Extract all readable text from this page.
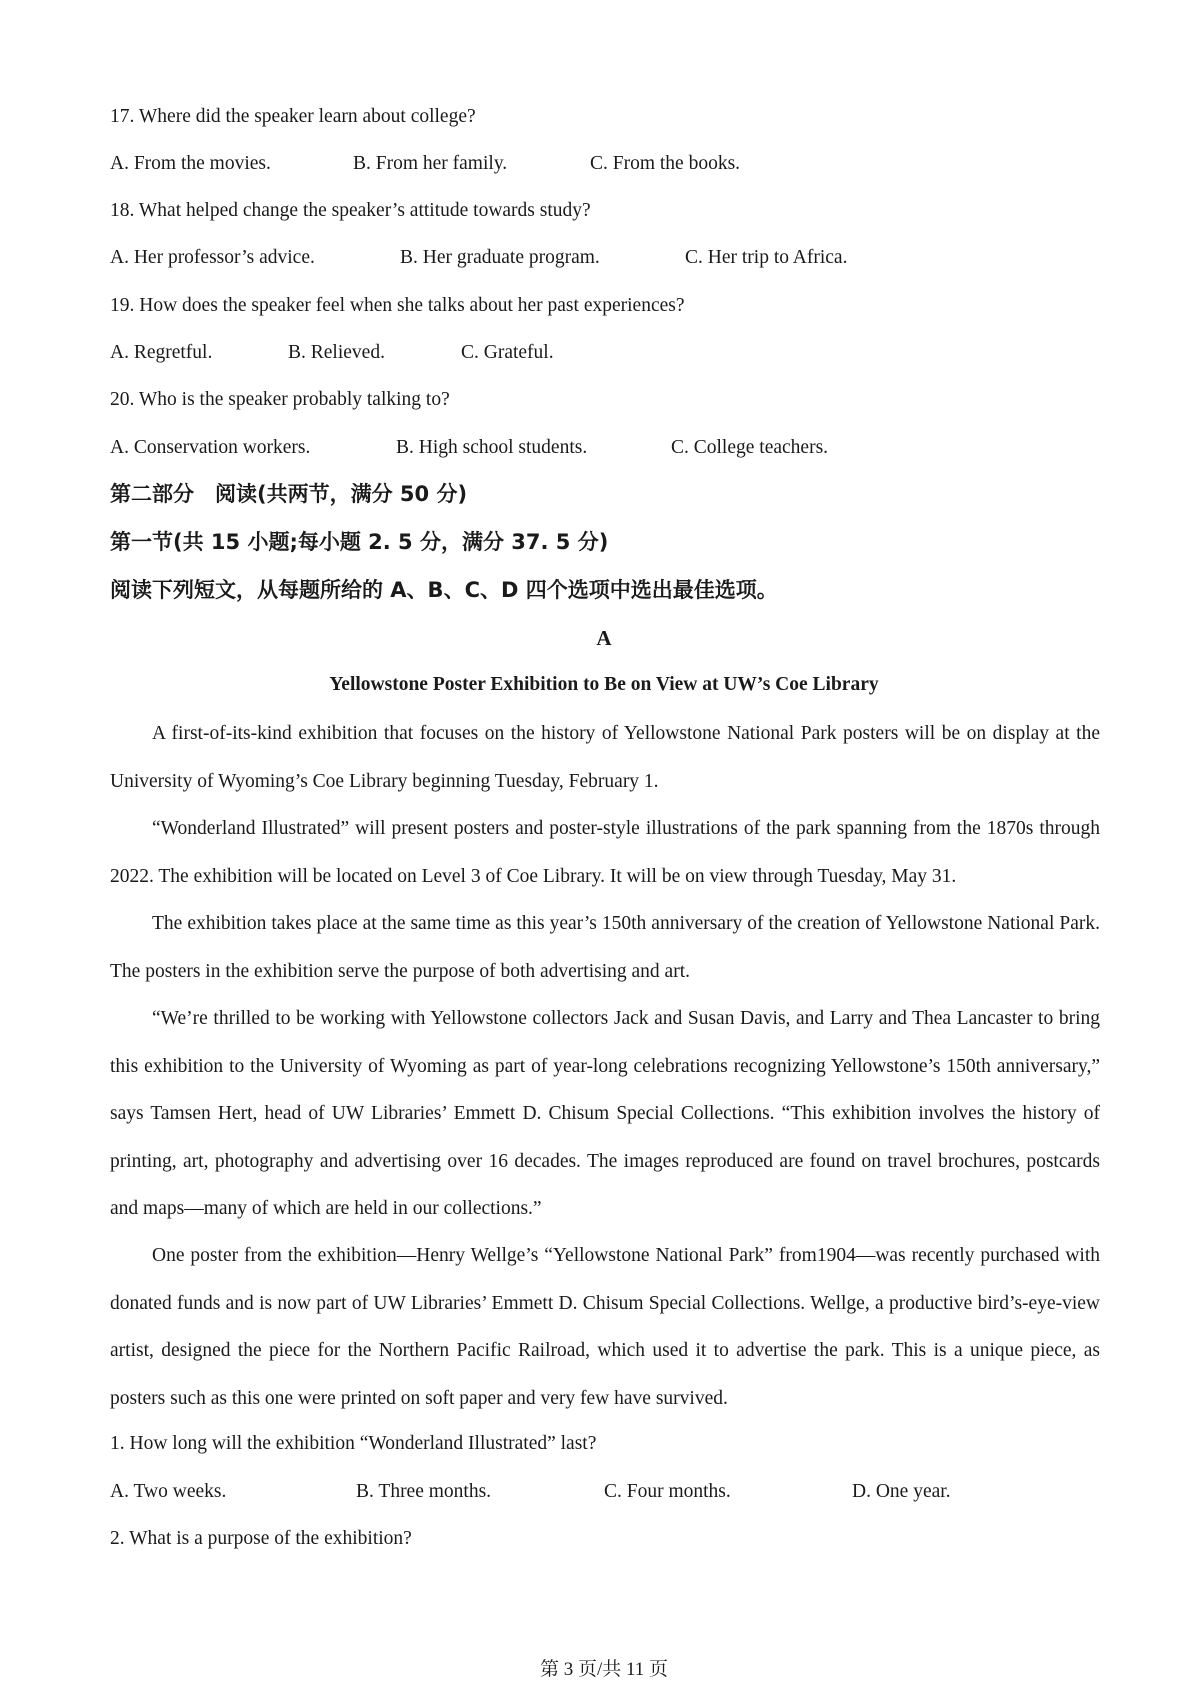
17. Where did the speaker learn about college?
A. From the movies.	B. From her family.	C. From the books.
18. What helped change the speaker’s attitude towards study?
A. Her professor’s advice.	B. Her graduate program.	C. Her trip to Africa.
19. How does the speaker feel when she talks about her past experiences?
A. Regretful.	B. Relieved.	C. Grateful.
20. Who is the speaker probably talking to?
A. Conservation workers.	B. High school students.	C. College teachers.
第二部分　阅读(共两节，满分 50 分)
第一节(共 15 小题;每小题 2. 5 分，满分 37. 5 分)
阅读下列短文，从每题所给的 A、B、C、D 四个选项中选出最佳选项。
A
Yellowstone Poster Exhibition to Be on View at UW’s Coe Library
A first-of-its-kind exhibition that focuses on the history of Yellowstone National Park posters will be on display at the University of Wyoming’s Coe Library beginning Tuesday, February 1.
“Wonderland Illustrated” will present posters and poster-style illustrations of the park spanning from the 1870s through 2022. The exhibition will be located on Level 3 of Coe Library. It will be on view through Tuesday, May 31.
The exhibition takes place at the same time as this year’s 150th anniversary of the creation of Yellowstone National Park. The posters in the exhibition serve the purpose of both advertising and art.
“We’re thrilled to be working with Yellowstone collectors Jack and Susan Davis, and Larry and Thea Lancaster to bring this exhibition to the University of Wyoming as part of year-long celebrations recognizing Yellowstone’s 150th anniversary,” says Tamsen Hert, head of UW Libraries’ Emmett D. Chisum Special Collections. “This exhibition involves the history of printing, art, photography and advertising over 16 decades. The images reproduced are found on travel brochures, postcards and maps—many of which are held in our collections.”
One poster from the exhibition—Henry Wellge’s “Yellowstone National Park” from1904—was recently purchased with donated funds and is now part of UW Libraries’ Emmett D. Chisum Special Collections. Wellge, a productive bird’s-eye-view artist, designed the piece for the Northern Pacific Railroad, which used it to advertise the park. This is a unique piece, as posters such as this one were printed on soft paper and very few have survived.
1. How long will the exhibition “Wonderland Illustrated” last?
A. Two weeks.	B. Three months.	C. Four months.	D. One year.
2. What is a purpose of the exhibition?
第 3 页/共 11 页
